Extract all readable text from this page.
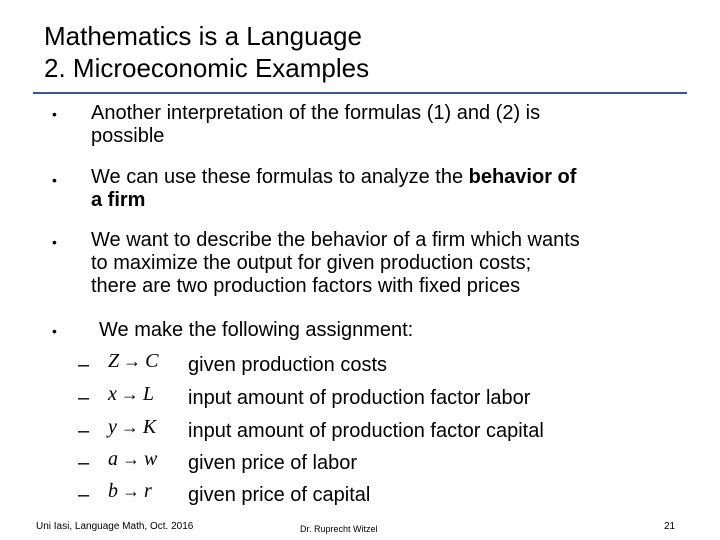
Mathematics is a Language
2. Microeconomic Examples
• Another interpretation of the formulas (1) and (2) is
possible
• We can use these formulas to analyze the behavior of
a firm
• We want to describe the behavior of a firm which wants
to maximize the output for given production costs;
there are two production factors with fixed prices
• We make the following assignment:
– Z → C given production costs
– x → L input amount of production factor labor
– y → K input amount of production factor capital
– a → w given price of labor
– b → r given price of capital
Uni Iasi, Language Math, Oct. 2016	Dr. Ruprecht Witzel	21
